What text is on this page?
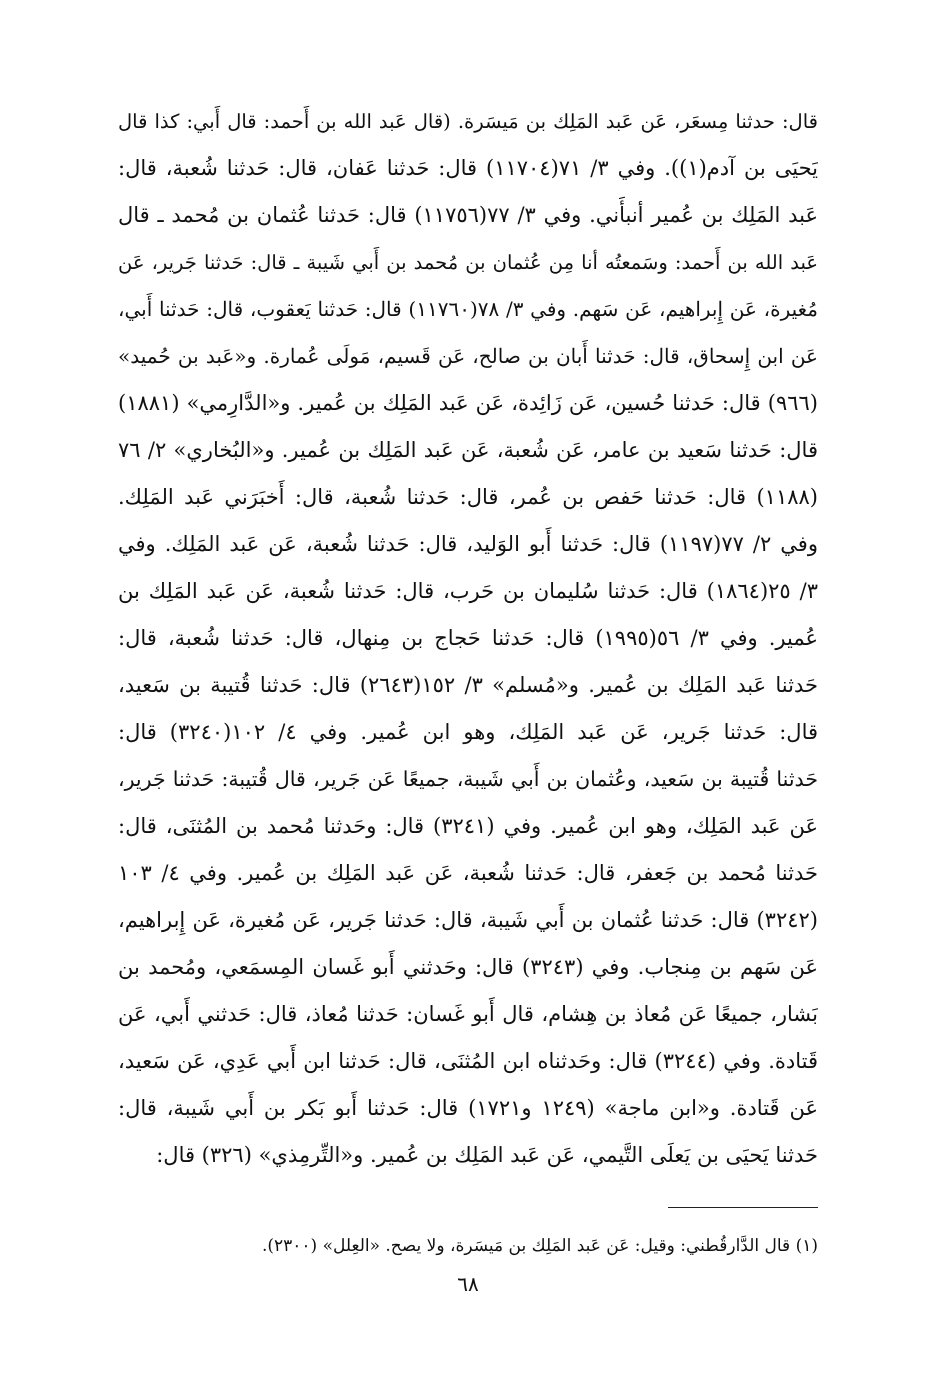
قال: حدثنا مِسعَر، عَن عَبد المَلِك بن مَيسَرة. (قال عَبد الله بن أَحمد: قال أَبي: كذا قال
يَحيَى بن آدم(١)). وفي ٣/ ٧١(١١٧٠٤) قال: حَدثنا عَفان، قال: حَدثنا شُعبة، قال:
عَبد المَلِك بن عُمير أنبأَني. وفي ٣/ ٧٧(١١٧٥٦) قال: حَدثنا عُثمان بن مُحمد ـ قال
عَبد الله بن أَحمد: وسَمعتُه أنا مِن عُثمان بن مُحمد بن أَبي شَيبة ـ قال: حَدثنا جَرير، عَن
مُغيرة، عَن إِبراهيم، عَن سَهم. وفي ٣/ ٧٨(١١٧٦٠) قال: حَدثنا يَعقوب، قال: حَدثنا أَبي،
عَن ابن إِسحاق، قال: حَدثنا أَبان بن صالح، عَن قَسيم، مَولَى عُمارة. و«عَبد بن حُميد»
(٩٦٦) قال: حَدثنا حُسين، عَن زَائِدة، عَن عَبد المَلِك بن عُمير. و«الدَّارِمي» (١٨٨١)
قال: حَدثنا سَعيد بن عامر، عَن شُعبة، عَن عَبد المَلِك بن عُمير. و«البُخاري» ٢/ ٧٦
(١١٨٨) قال: حَدثنا حَفص بن عُمر، قال: حَدثنا شُعبة، قال: أَخبَرَني عَبد المَلِك.
وفي ٢/ ٧٧(١١٩٧) قال: حَدثنا أَبو الوَليد، قال: حَدثنا شُعبة، عَن عَبد المَلِك. وفي
٣/ ٢٥(١٨٦٤) قال: حَدثنا سُليمان بن حَرب، قال: حَدثنا شُعبة، عَن عَبد المَلِك بن
عُمير. وفي ٣/ ٥٦(١٩٩٥) قال: حَدثنا حَجاج بن مِنهال، قال: حَدثنا شُعبة، قال:
حَدثنا عَبد المَلِك بن عُمير. و«مُسلم» ٣/ ١٥٢(٢٦٤٣) قال: حَدثنا قُتيبة بن سَعيد،
قال: حَدثنا جَرير، عَن عَبد المَلِك، وهو ابن عُمير. وفي ٤/ ١٠٢(٣٢٤٠) قال:
حَدثنا قُتيبة بن سَعيد، وعُثمان بن أَبي شَيبة، جميعًا عَن جَرير، قال قُتيبة: حَدثنا جَرير،
عَن عَبد المَلِك، وهو ابن عُمير. وفي (٣٢٤١) قال: وحَدثنا مُحمد بن المُثنَى، قال:
حَدثنا مُحمد بن جَعفر، قال: حَدثنا شُعبة، عَن عَبد المَلِك بن عُمير. وفي ٤/ ١٠٣
(٣٢٤٢) قال: حَدثنا عُثمان بن أَبي شَيبة، قال: حَدثنا جَرير، عَن مُغيرة، عَن إِبراهيم،
عَن سَهم بن مِنجاب. وفي (٣٢٤٣) قال: وحَدثني أَبو غَسان المِسمَعي، ومُحمد بن
بَشار، جميعًا عَن مُعاذ بن هِشام، قال أَبو غَسان: حَدثنا مُعاذ، قال: حَدثني أَبي، عَن
قَتادة. وفي (٣٢٤٤) قال: وحَدثناه ابن المُثنَى، قال: حَدثنا ابن أَبي عَدِي، عَن سَعيد،
عَن قَتادة. و«ابن ماجة» (١٢٤٩ و١٧٢١) قال: حَدثنا أَبو بَكر بن أَبي شَيبة، قال:
حَدثنا يَحيَى بن يَعلَى التَّيمي، عَن عَبد المَلِك بن عُمير. و«التِّرمِذي» (٣٢٦) قال:
(١) قال الدَّارقُطني: وقيل: عَن عَبد المَلِك بن مَيسَرة، ولا يصح. «العِلل» (٢٣٠٠).
٦٨
